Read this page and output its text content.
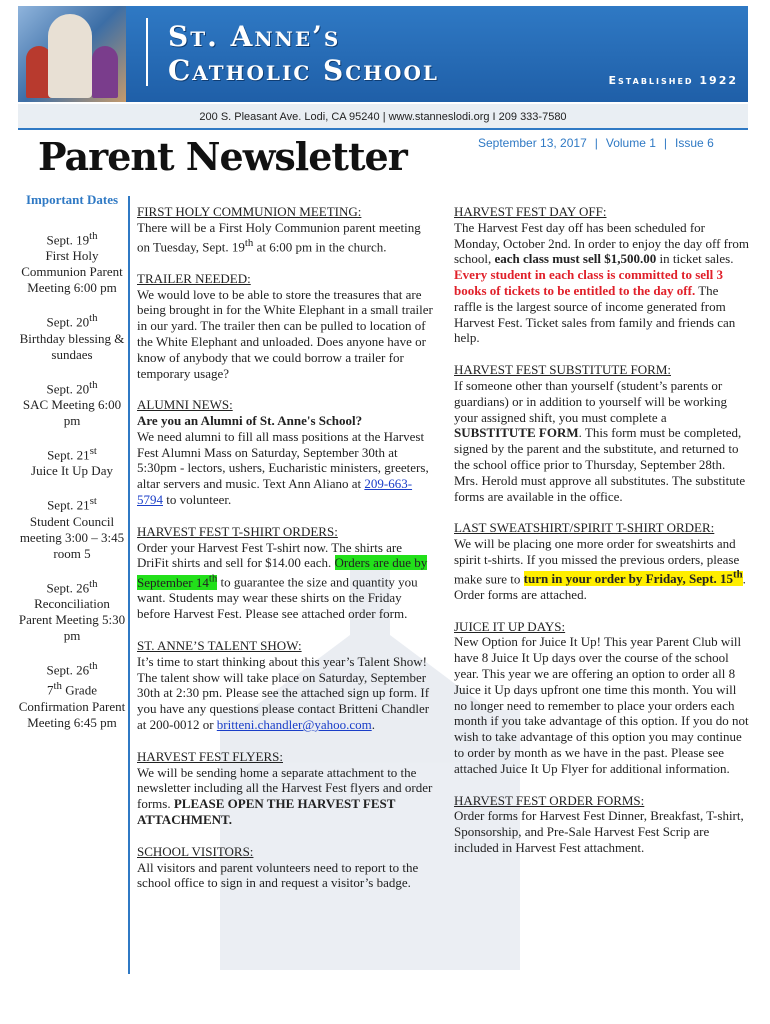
St. Anne’s
Catholic School	Established 1922
200 S. Pleasant Ave. Lodi, CA 95240 | www.stanneslodi.org I 209 333-7580
Parent Newsletter	September 13, 2017 | Volume 1 | Issue 6
Important Dates
Sept. 19th
First Holy Communion Parent Meeting 6:00 pm
Sept. 20th
Birthday blessing & sundaes
Sept. 20th
SAC Meeting 6:00 pm
Sept. 21st
Juice It Up Day
Sept. 21st
Student Council meeting 3:00 – 3:45 room 5
Sept. 26th
Reconciliation Parent Meeting 5:30 pm
Sept. 26th
7th Grade Confirmation Parent Meeting 6:45 pm
FIRST HOLY COMMUNION MEETING:
There will be a First Holy Communion parent meeting on Tuesday, Sept. 19th at 6:00 pm in the church.
TRAILER NEEDED:
We would love to be able to store the treasures that are being brought in for the White Elephant in a small trailer in our yard. The trailer then can be pulled to location of the White Elephant and unloaded. Does anyone have or know of anybody that we could borrow a trailer for temporary usage?
ALUMNI NEWS:
Are you an Alumni of St. Anne's School?
We need alumni to fill all mass positions at the Harvest Fest Alumni Mass on Saturday, September 30th at 5:30pm - lectors, ushers, Eucharistic ministers, greeters, altar servers and music. Text Ann Aliano at 209-663-5794 to volunteer.
HARVEST FEST T-SHIRT ORDERS:
Order your Harvest Fest T-shirt now. The shirts are DriFit shirts and sell for $14.00 each. Orders are due by September 14th to guarantee the size and quantity you want. Students may wear these shirts on the Friday before Harvest Fest. Please see attached order form.
ST. ANNE’S TALENT SHOW:
It’s time to start thinking about this year’s Talent Show! The talent show will take place on Saturday, September 30th at 2:30 pm. Please see the attached sign up form. If you have any questions please contact Britteni Chandler at 200-0012 or britteni.chandler@yahoo.com.
HARVEST FEST FLYERS:
We will be sending home a separate attachment to the newsletter including all the Harvest Fest flyers and order forms. PLEASE OPEN THE HARVEST FEST ATTACHMENT.
SCHOOL VISITORS:
All visitors and parent volunteers need to report to the school office to sign in and request a visitor’s badge.
HARVEST FEST DAY OFF:
The Harvest Fest day off has been scheduled for Monday, October 2nd. In order to enjoy the day off from school, each class must sell $1,500.00 in ticket sales. Every student in each class is committed to sell 3 books of tickets to be entitled to the day off. The raffle is the largest source of income generated from Harvest Fest. Ticket sales from family and friends can help.
HARVEST FEST SUBSTITUTE FORM:
If someone other than yourself (student’s parents or guardians) or in addition to yourself will be working your assigned shift, you must complete a SUBSTITUTE FORM. This form must be completed, signed by the parent and the substitute, and returned to the school office prior to Thursday, September 28th. Mrs. Herold must approve all substitutes. The substitute forms are available in the office.
LAST SWEATSHIRT/SPIRIT T-SHIRT ORDER:
We will be placing one more order for sweatshirts and spirit t-shirts. If you missed the previous orders, please make sure to turn in your order by Friday, Sept. 15th. Order forms are attached.
JUICE IT UP DAYS:
New Option for Juice It Up! This year Parent Club will have 8 Juice It Up days over the course of the school year. This year we are offering an option to order all 8 Juice it Up days upfront one time this month. You will no longer need to remember to place your orders each month if you take advantage of this option. If you do not wish to take advantage of this option you may continue to order by month as we have in the past. Please see attached Juice It Up Flyer for additional information.
HARVEST FEST ORDER FORMS:
Order forms for Harvest Fest Dinner, Breakfast, T-shirt, Sponsorship, and Pre-Sale Harvest Fest Scrip are included in Harvest Fest attachment.
